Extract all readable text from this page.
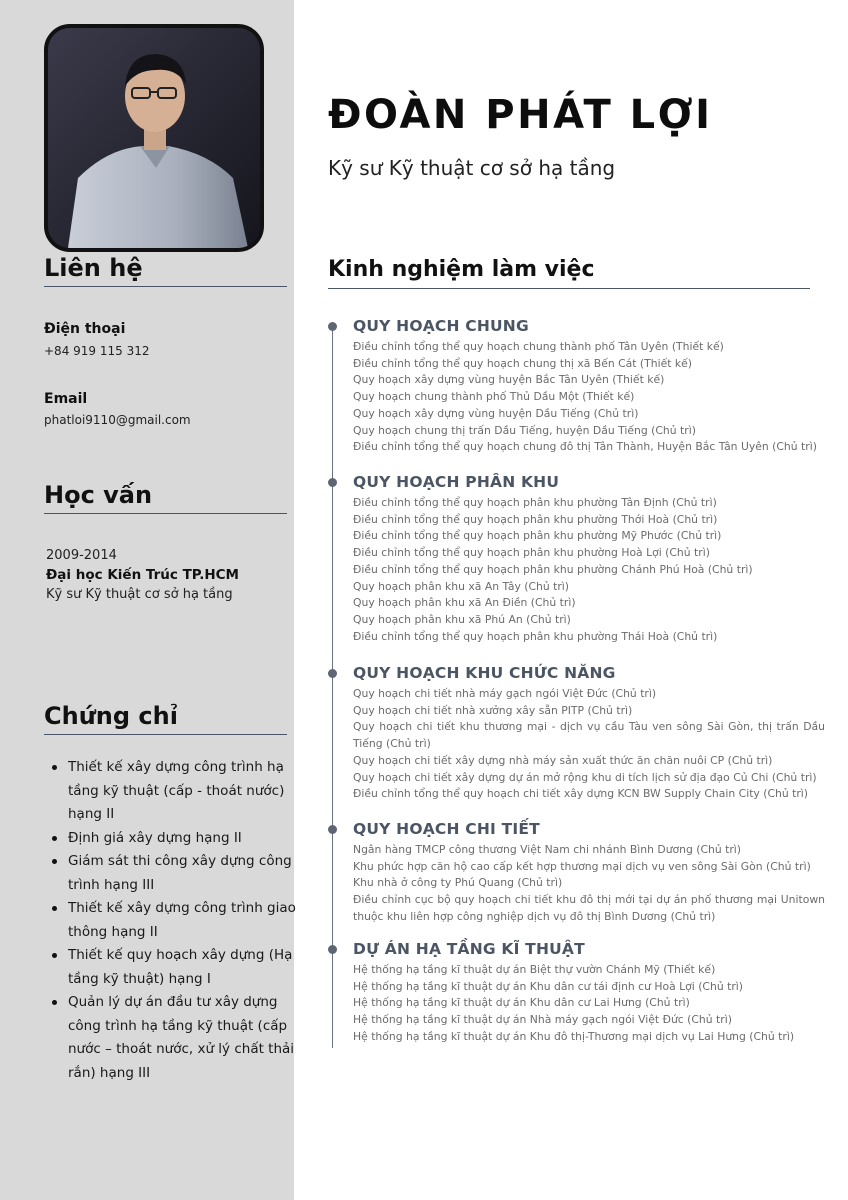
Liên hệ
Điện thoại
+84 919 115 312
Email
phatloi9110@gmail.com
Học vấn
2009-2014
Đại học Kiến Trúc TP.HCM
Kỹ sư Kỹ thuật cơ sở hạ tầng
Chứng chỉ
Thiết kế xây dựng công trình hạ tầng kỹ thuật (cấp - thoát nước) hạng II
Định giá xây dựng hạng II
Giám sát thi công xây dựng công trình hạng III
Thiết kế xây dựng công trình giao thông hạng II
Thiết kế quy hoạch xây dựng (Hạ tầng kỹ thuật) hạng I
Quản lý dự án đầu tư xây dựng công trình hạ tầng kỹ thuật (cấp nước – thoát nước, xử lý chất thải rắn) hạng III
ĐOÀN PHÁT LỢI
Kỹ sư Kỹ thuật cơ sở hạ tầng
Kinh nghiệm làm việc
QUY HOẠCH CHUNG
Điều chỉnh tổng thể quy hoạch chung thành phố Tân Uyên (Thiết kế)
Điều chỉnh tổng thể quy hoạch chung thị xã Bến Cát (Thiết kế)
Quy hoạch xây dựng vùng huyện Bắc Tân Uyên (Thiết kế)
Quy hoạch chung thành phố Thủ Dầu Một (Thiết kế)
Quy hoạch xây dựng vùng huyện Dầu Tiếng (Chủ trì)
Quy hoạch chung thị trấn Dầu Tiếng, huyện Dầu Tiếng (Chủ trì)
Điều chỉnh tổng thể quy hoạch chung đô thị Tân Thành, Huyện Bắc Tân Uyên (Chủ trì)
QUY HOẠCH PHÂN KHU
Điều chỉnh tổng thể quy hoạch phân khu phường Tân Định (Chủ trì)
Điều chỉnh tổng thể quy hoạch phân khu phường Thới Hoà (Chủ trì)
Điều chỉnh tổng thể quy hoạch phân khu phường Mỹ Phước (Chủ trì)
Điều chỉnh tổng thể quy hoạch phân khu phường Hoà Lợi (Chủ trì)
Điều chỉnh tổng thể quy hoạch phân khu phường Chánh Phú Hoà (Chủ trì)
Quy hoạch phân khu xã An Tây (Chủ trì)
Quy hoạch phân khu xã An Điền (Chủ trì)
Quy hoạch phân khu xã Phú An (Chủ trì)
Điều chỉnh tổng thể quy hoạch phân khu phường Thái Hoà (Chủ trì)
QUY HOẠCH KHU CHỨC NĂNG
Quy hoạch chi tiết nhà máy gạch ngói Việt Đức (Chủ trì)
Quy hoạch chi tiết nhà xưởng xây sẵn PITP (Chủ trì)
Quy hoạch chi tiết khu thương mại - dịch vụ cầu Tàu ven sông Sài Gòn, thị trấn Dầu Tiếng (Chủ trì)
Quy hoạch chi tiết xây dựng nhà máy sản xuất thức ăn chăn nuôi CP (Chủ trì)
Quy hoạch chi tiết xây dựng dự án mở rộng khu di tích lịch sử địa đạo Củ Chi (Chủ trì)
Điều chỉnh tổng thể quy hoạch chi tiết xây dựng KCN BW Supply Chain City (Chủ trì)
QUY HOẠCH CHI TIẾT
Ngân hàng TMCP công thương Việt Nam chi nhánh Bình Dương (Chủ trì)
Khu phức hợp căn hộ cao cấp kết hợp thương mại dịch vụ ven sông Sài Gòn (Chủ trì)
Khu nhà ở công ty Phú Quang (Chủ trì)
Điều chỉnh cục bộ quy hoạch chi tiết khu đô thị mới tại dự án phố thương mại Unitown thuộc khu liên hợp công nghiệp dịch vụ đô thị Bình Dương (Chủ trì)
DỰ ÁN HẠ TẦNG KĨ THUẬT
Hệ thống hạ tầng kĩ thuật dự án Biệt thự vườn Chánh Mỹ (Thiết kế)
Hệ thống hạ tầng kĩ thuật dự án Khu dân cư tái định cư Hoà Lợi (Chủ trì)
Hệ thống hạ tầng kĩ thuật dự án Khu dân cư Lai Hưng (Chủ trì)
Hệ thống hạ tầng kĩ thuật dự án Nhà máy gạch ngói Việt Đức (Chủ trì)
Hệ thống hạ tầng kĩ thuật dự án Khu đô thị-Thương mại dịch vụ Lai Hưng (Chủ trì)
